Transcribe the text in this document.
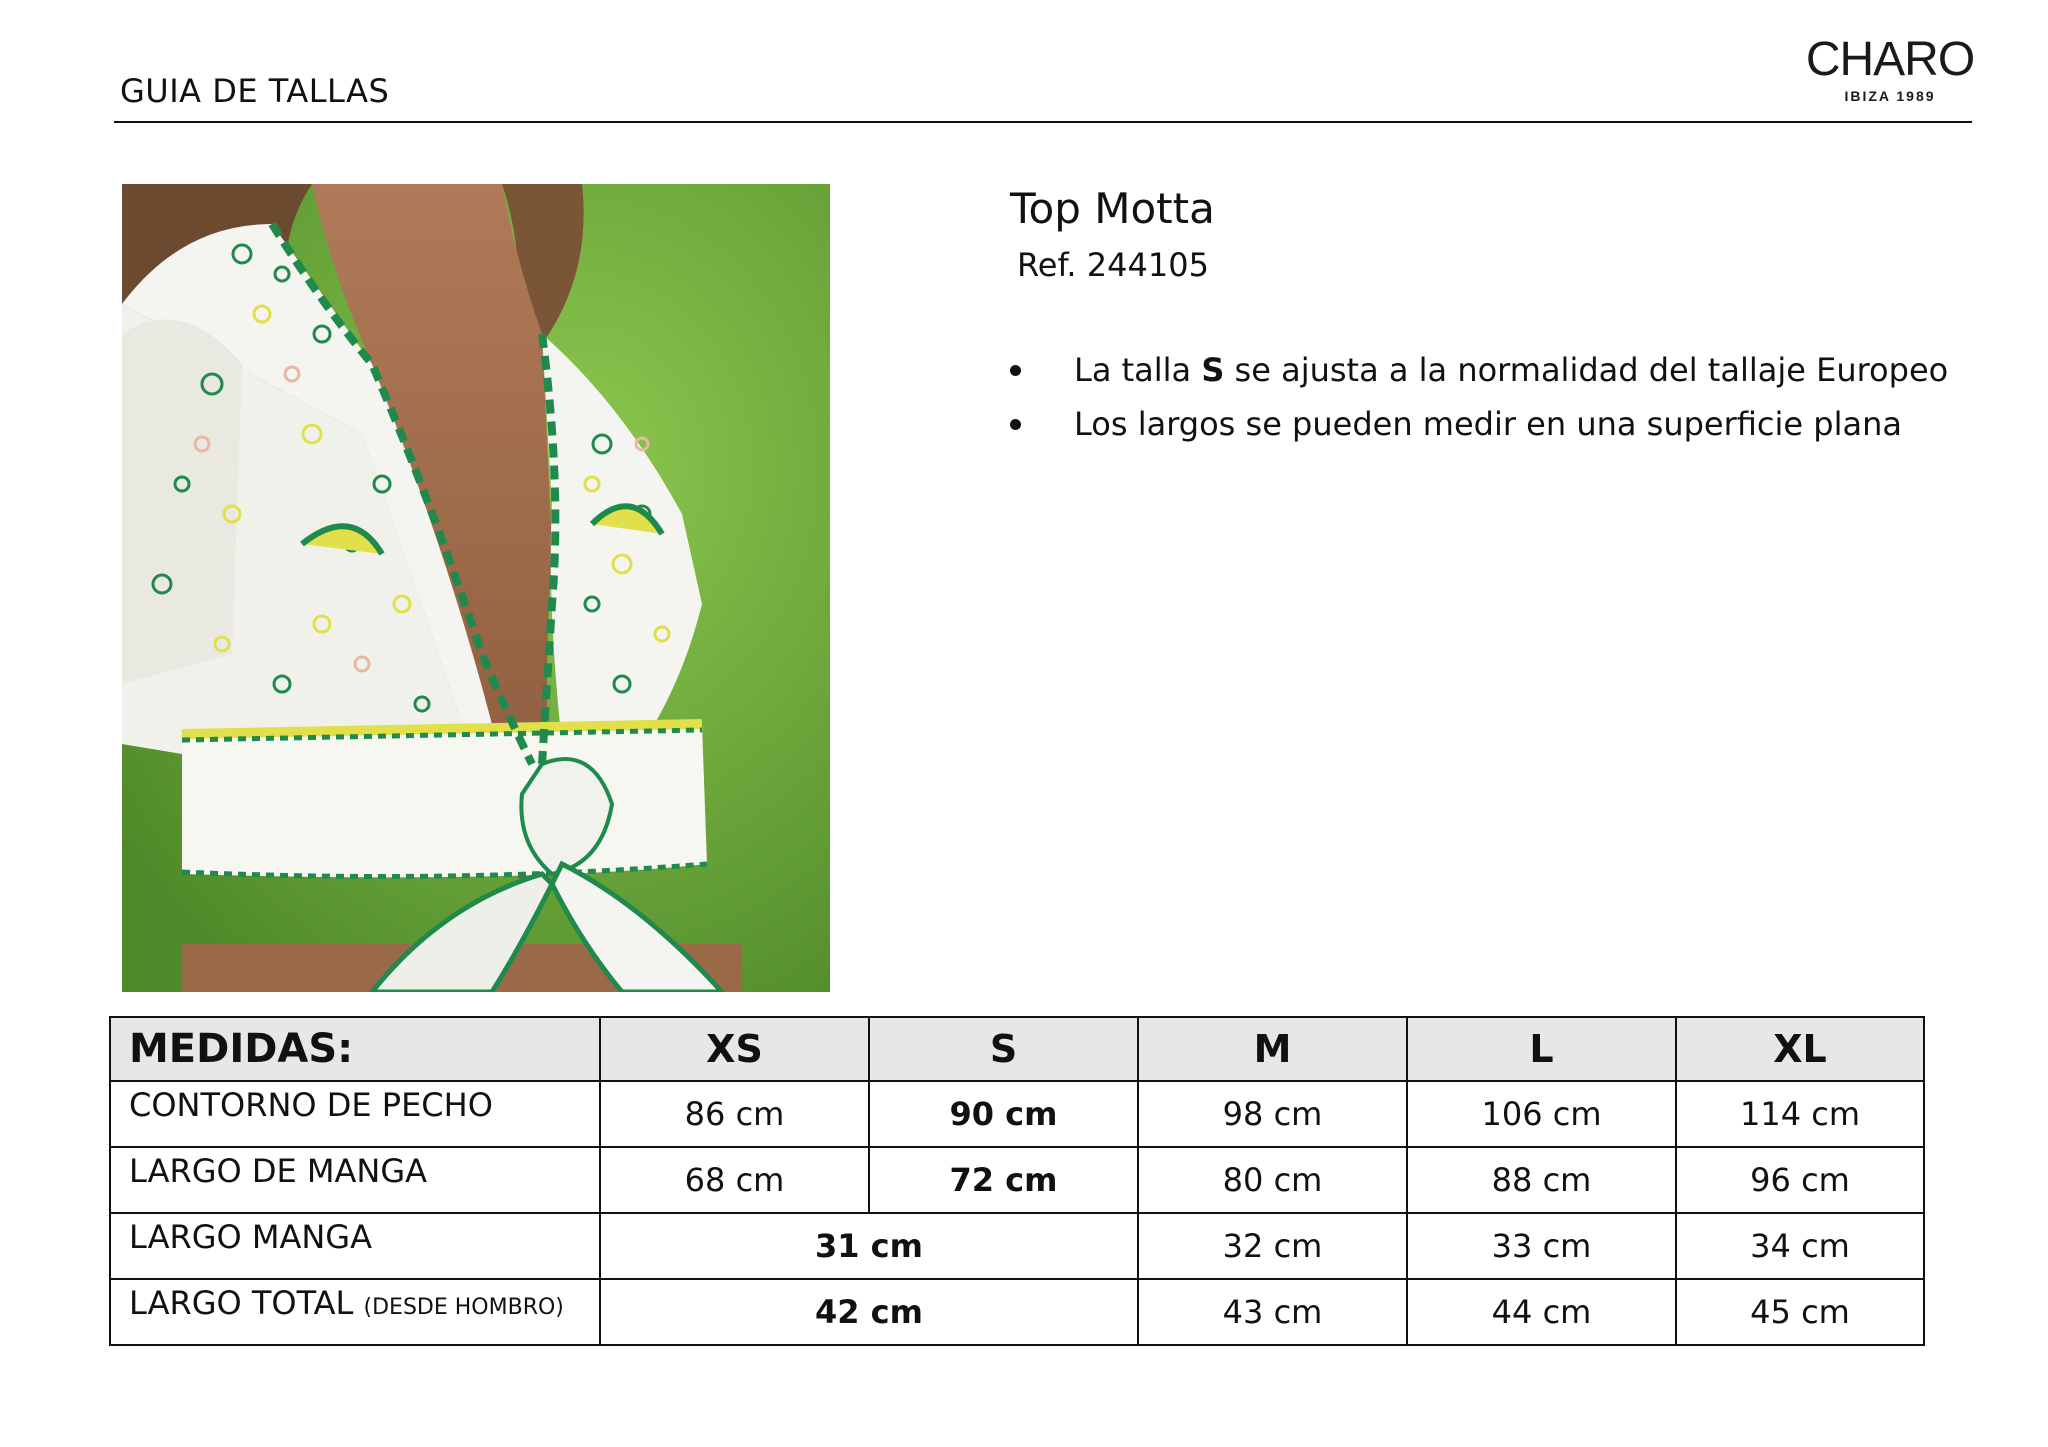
GUIA DE TALLAS
CHARO
IBIZA 1989
Top Motta
Ref. 244105
La talla S se ajusta a la normalidad del tallaje Europeo
Los largos se pueden medir en una superficie plana
MEDIDAS:	XS	S	M	L	XL
CONTORNO DE PECHO	86 cm	90 cm	98 cm	106 cm	114 cm
LARGO DE MANGA	68 cm	72 cm	80 cm	88 cm	96 cm
LARGO MANGA	31 cm		32 cm	33 cm	34 cm
LARGO TOTAL (DESDE HOMBRO)	42 cm		43 cm	44 cm	45 cm
